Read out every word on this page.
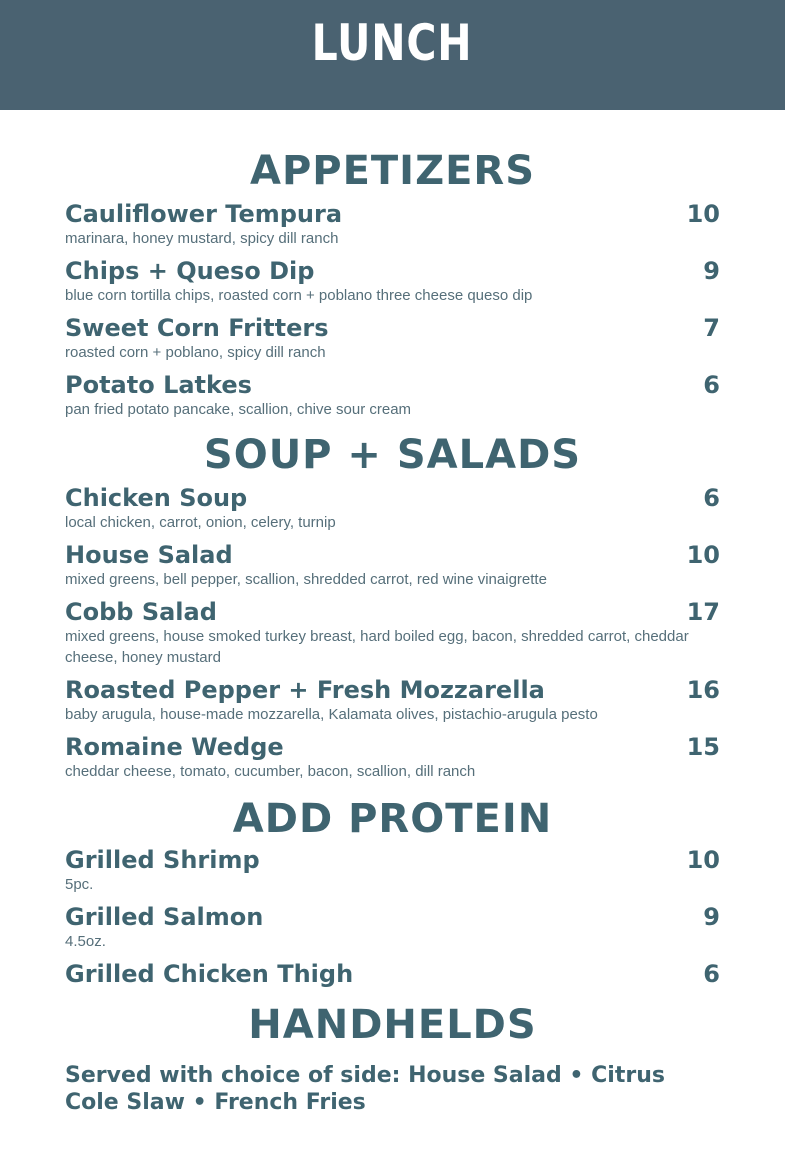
LUNCH
APPETIZERS
Cauliflower Tempura	10
marinara, honey mustard, spicy dill ranch
Chips + Queso Dip	9
blue corn tortilla chips, roasted corn + poblano three cheese queso dip
Sweet Corn Fritters	7
roasted corn + poblano, spicy dill ranch
Potato Latkes	6
pan fried potato pancake, scallion, chive sour cream
SOUP + SALADS
Chicken Soup	6
local chicken, carrot, onion, celery, turnip
House Salad	10
mixed greens, bell pepper, scallion, shredded carrot, red wine vinaigrette
Cobb Salad	17
mixed greens, house smoked turkey breast, hard boiled egg, bacon, shredded carrot, cheddar cheese, honey mustard
Roasted Pepper + Fresh Mozzarella	16
baby arugula, house-made mozzarella, Kalamata olives, pistachio-arugula pesto
Romaine Wedge	15
cheddar cheese, tomato, cucumber, bacon, scallion, dill ranch
ADD PROTEIN
Grilled Shrimp	10
5pc.
Grilled Salmon	9
4.5oz.
Grilled Chicken Thigh	6
HANDHELDS
Served with choice of side: House Salad • Citrus Cole Slaw • French Fries
